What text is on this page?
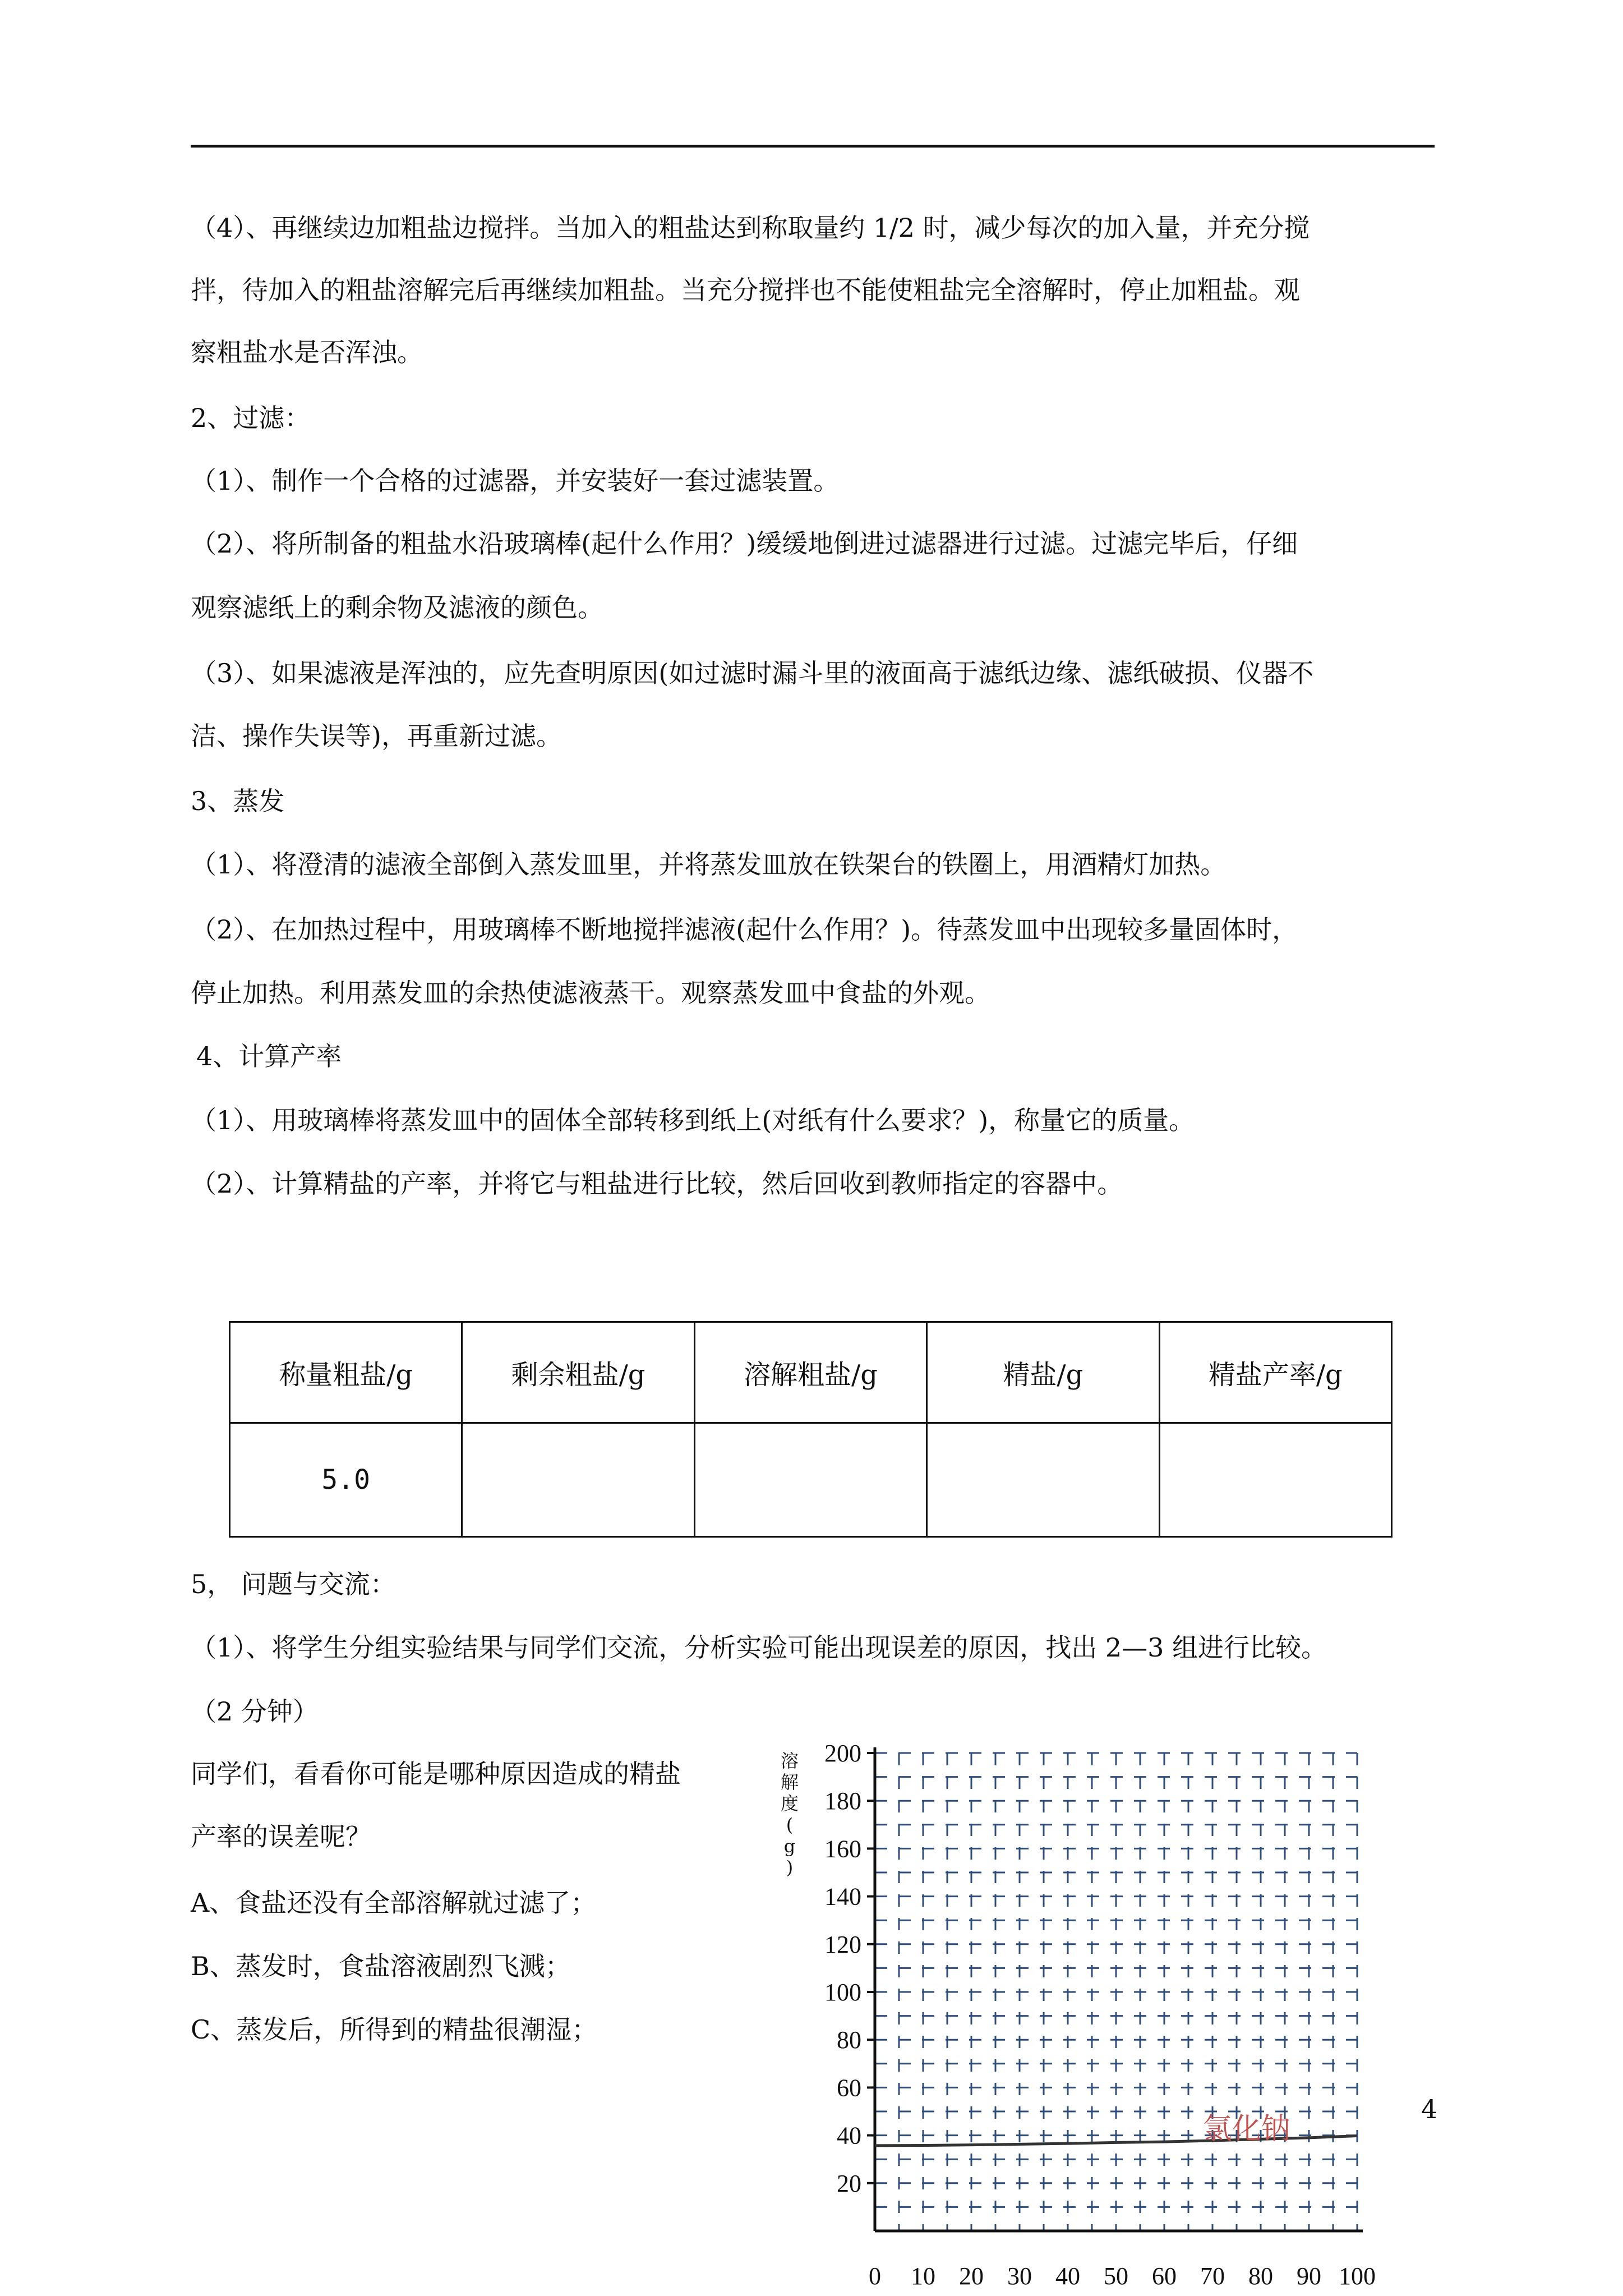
（4）、再继续边加粗盐边搅拌。当加入的粗盐达到称取量约 1/2 时，减少每次的加入量，并充分搅
拌，待加入的粗盐溶解完后再继续加粗盐。当充分搅拌也不能使粗盐完全溶解时，停止加粗盐。观
察粗盐水是否浑浊。
2、过滤：
（1）、制作一个合格的过滤器，并安装好一套过滤装置。
（2）、将所制备的粗盐水沿玻璃棒(起什么作用？)缓缓地倒进过滤器进行过滤。过滤完毕后，仔细
观察滤纸上的剩余物及滤液的颜色。
（3）、如果滤液是浑浊的，应先查明原因(如过滤时漏斗里的液面高于滤纸边缘、滤纸破损、仪器不
洁、操作失误等)，再重新过滤。
3、蒸发
（1）、将澄清的滤液全部倒入蒸发皿里，并将蒸发皿放在铁架台的铁圈上，用酒精灯加热。
（2）、在加热过程中，用玻璃棒不断地搅拌滤液(起什么作用？)。待蒸发皿中出现较多量固体时，
停止加热。利用蒸发皿的余热使滤液蒸干。观察蒸发皿中食盐的外观。
4、计算产率
（1）、用玻璃棒将蒸发皿中的固体全部转移到纸上(对纸有什么要求？)，称量它的质量。
（2）、计算精盐的产率，并将它与粗盐进行比较，然后回收到教师指定的容器中。
称量粗盐/g	剩余粗盐/g	溶解粗盐/g	精盐/g	精盐产率/g
5.0				
5， 问题与交流：
（1）、将学生分组实验结果与同学们交流，分析实验可能出现误差的原因，找出 2—3 组进行比较。
（2 分钟）
同学们，看看你可能是哪种原因造成的精盐
产率的误差呢？
A、食盐还没有全部溶解就过滤了；
B、蒸发时，食盐溶液剧烈飞溅；
C、蒸发后，所得到的精盐很潮湿；
20
40
60
80
100
120
140
160
180
200
0 10 20 30 40 50 60 70 80 90 100
溶
解
度
(
g
)
氯化钠
4
